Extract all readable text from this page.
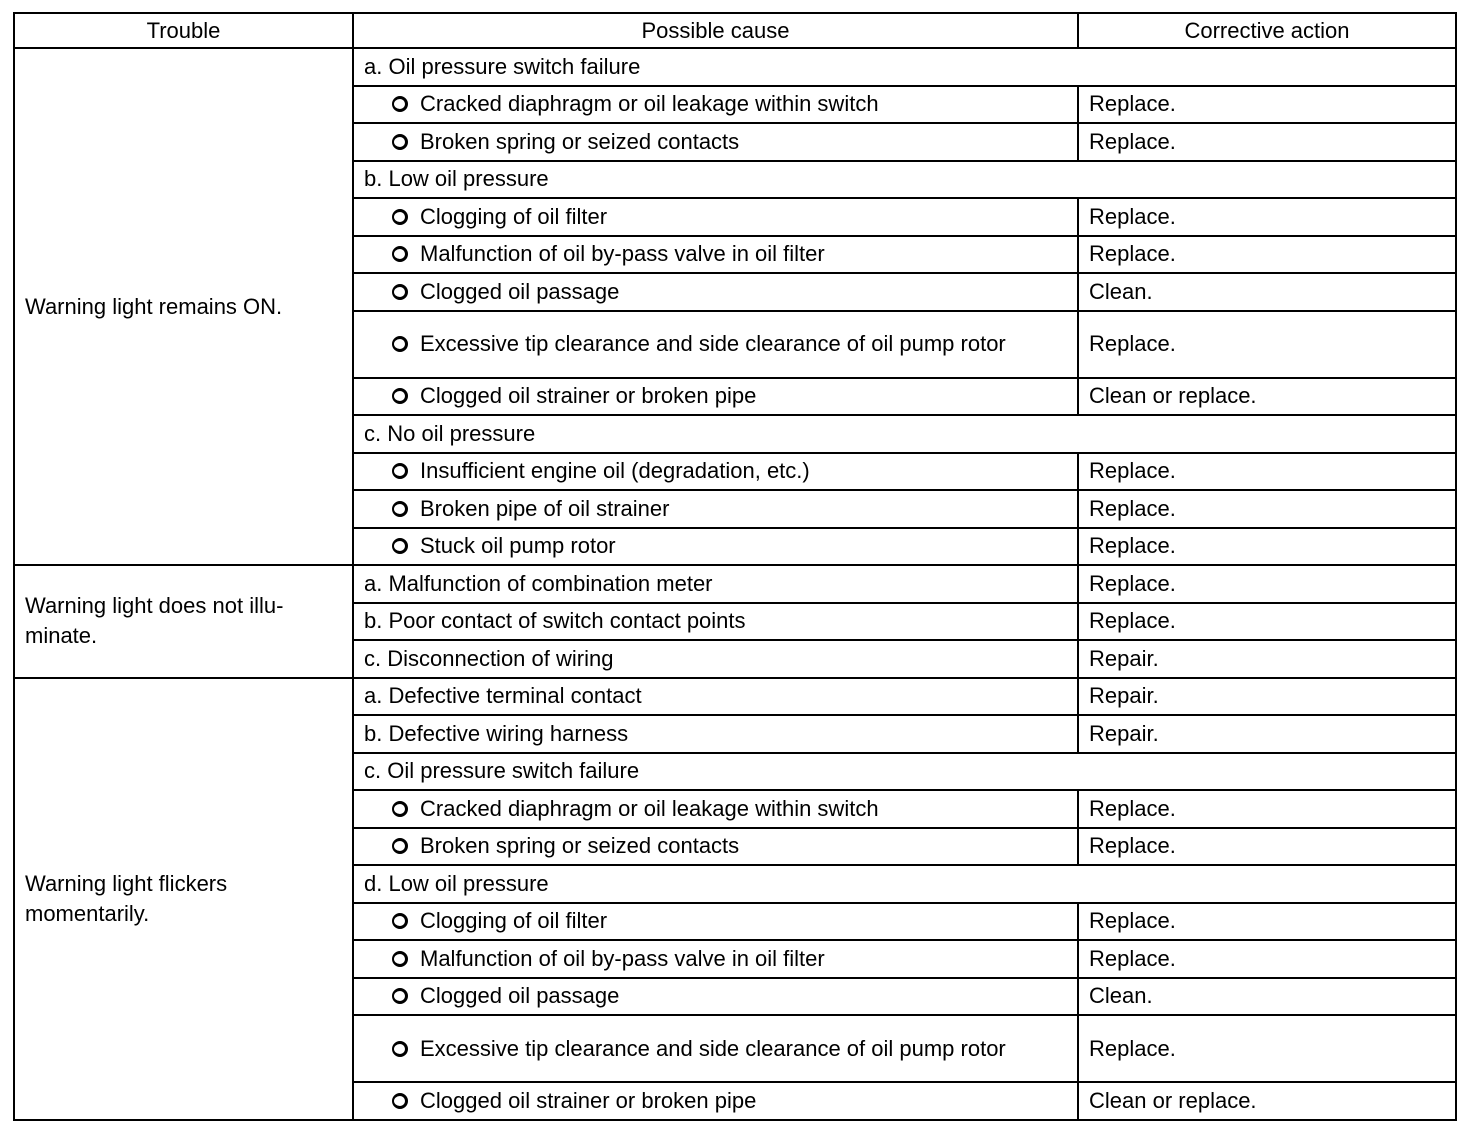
Trouble	Possible cause	Corrective action
Warning light remains ON.	a. Oil pressure switch failure	
	Cracked diaphragm or oil leakage within switch	Replace.
	Broken spring or seized contacts	Replace.
	b. Low oil pressure	
	Clogging of oil filter	Replace.
	Malfunction of oil by-pass valve in oil filter	Replace.
	Clogged oil passage	Clean.
	Excessive tip clearance and side clearance of oil pump rotor	Replace.
	Clogged oil strainer or broken pipe	Clean or replace.
	c. No oil pressure	
	Insufficient engine oil (degradation, etc.)	Replace.
	Broken pipe of oil strainer	Replace.
	Stuck oil pump rotor	Replace.
Warning light does not illu-minate.	a. Malfunction of combination meter	Replace.
	b. Poor contact of switch contact points	Replace.
	c. Disconnection of wiring	Repair.
Warning light flickers momentarily.	a. Defective terminal contact	Repair.
	b. Defective wiring harness	Repair.
	c. Oil pressure switch failure	
	Cracked diaphragm or oil leakage within switch	Replace.
	Broken spring or seized contacts	Replace.
	d. Low oil pressure	
	Clogging of oil filter	Replace.
	Malfunction of oil by-pass valve in oil filter	Replace.
	Clogged oil passage	Clean.
	Excessive tip clearance and side clearance of oil pump rotor	Replace.
	Clogged oil strainer or broken pipe	Clean or replace.
